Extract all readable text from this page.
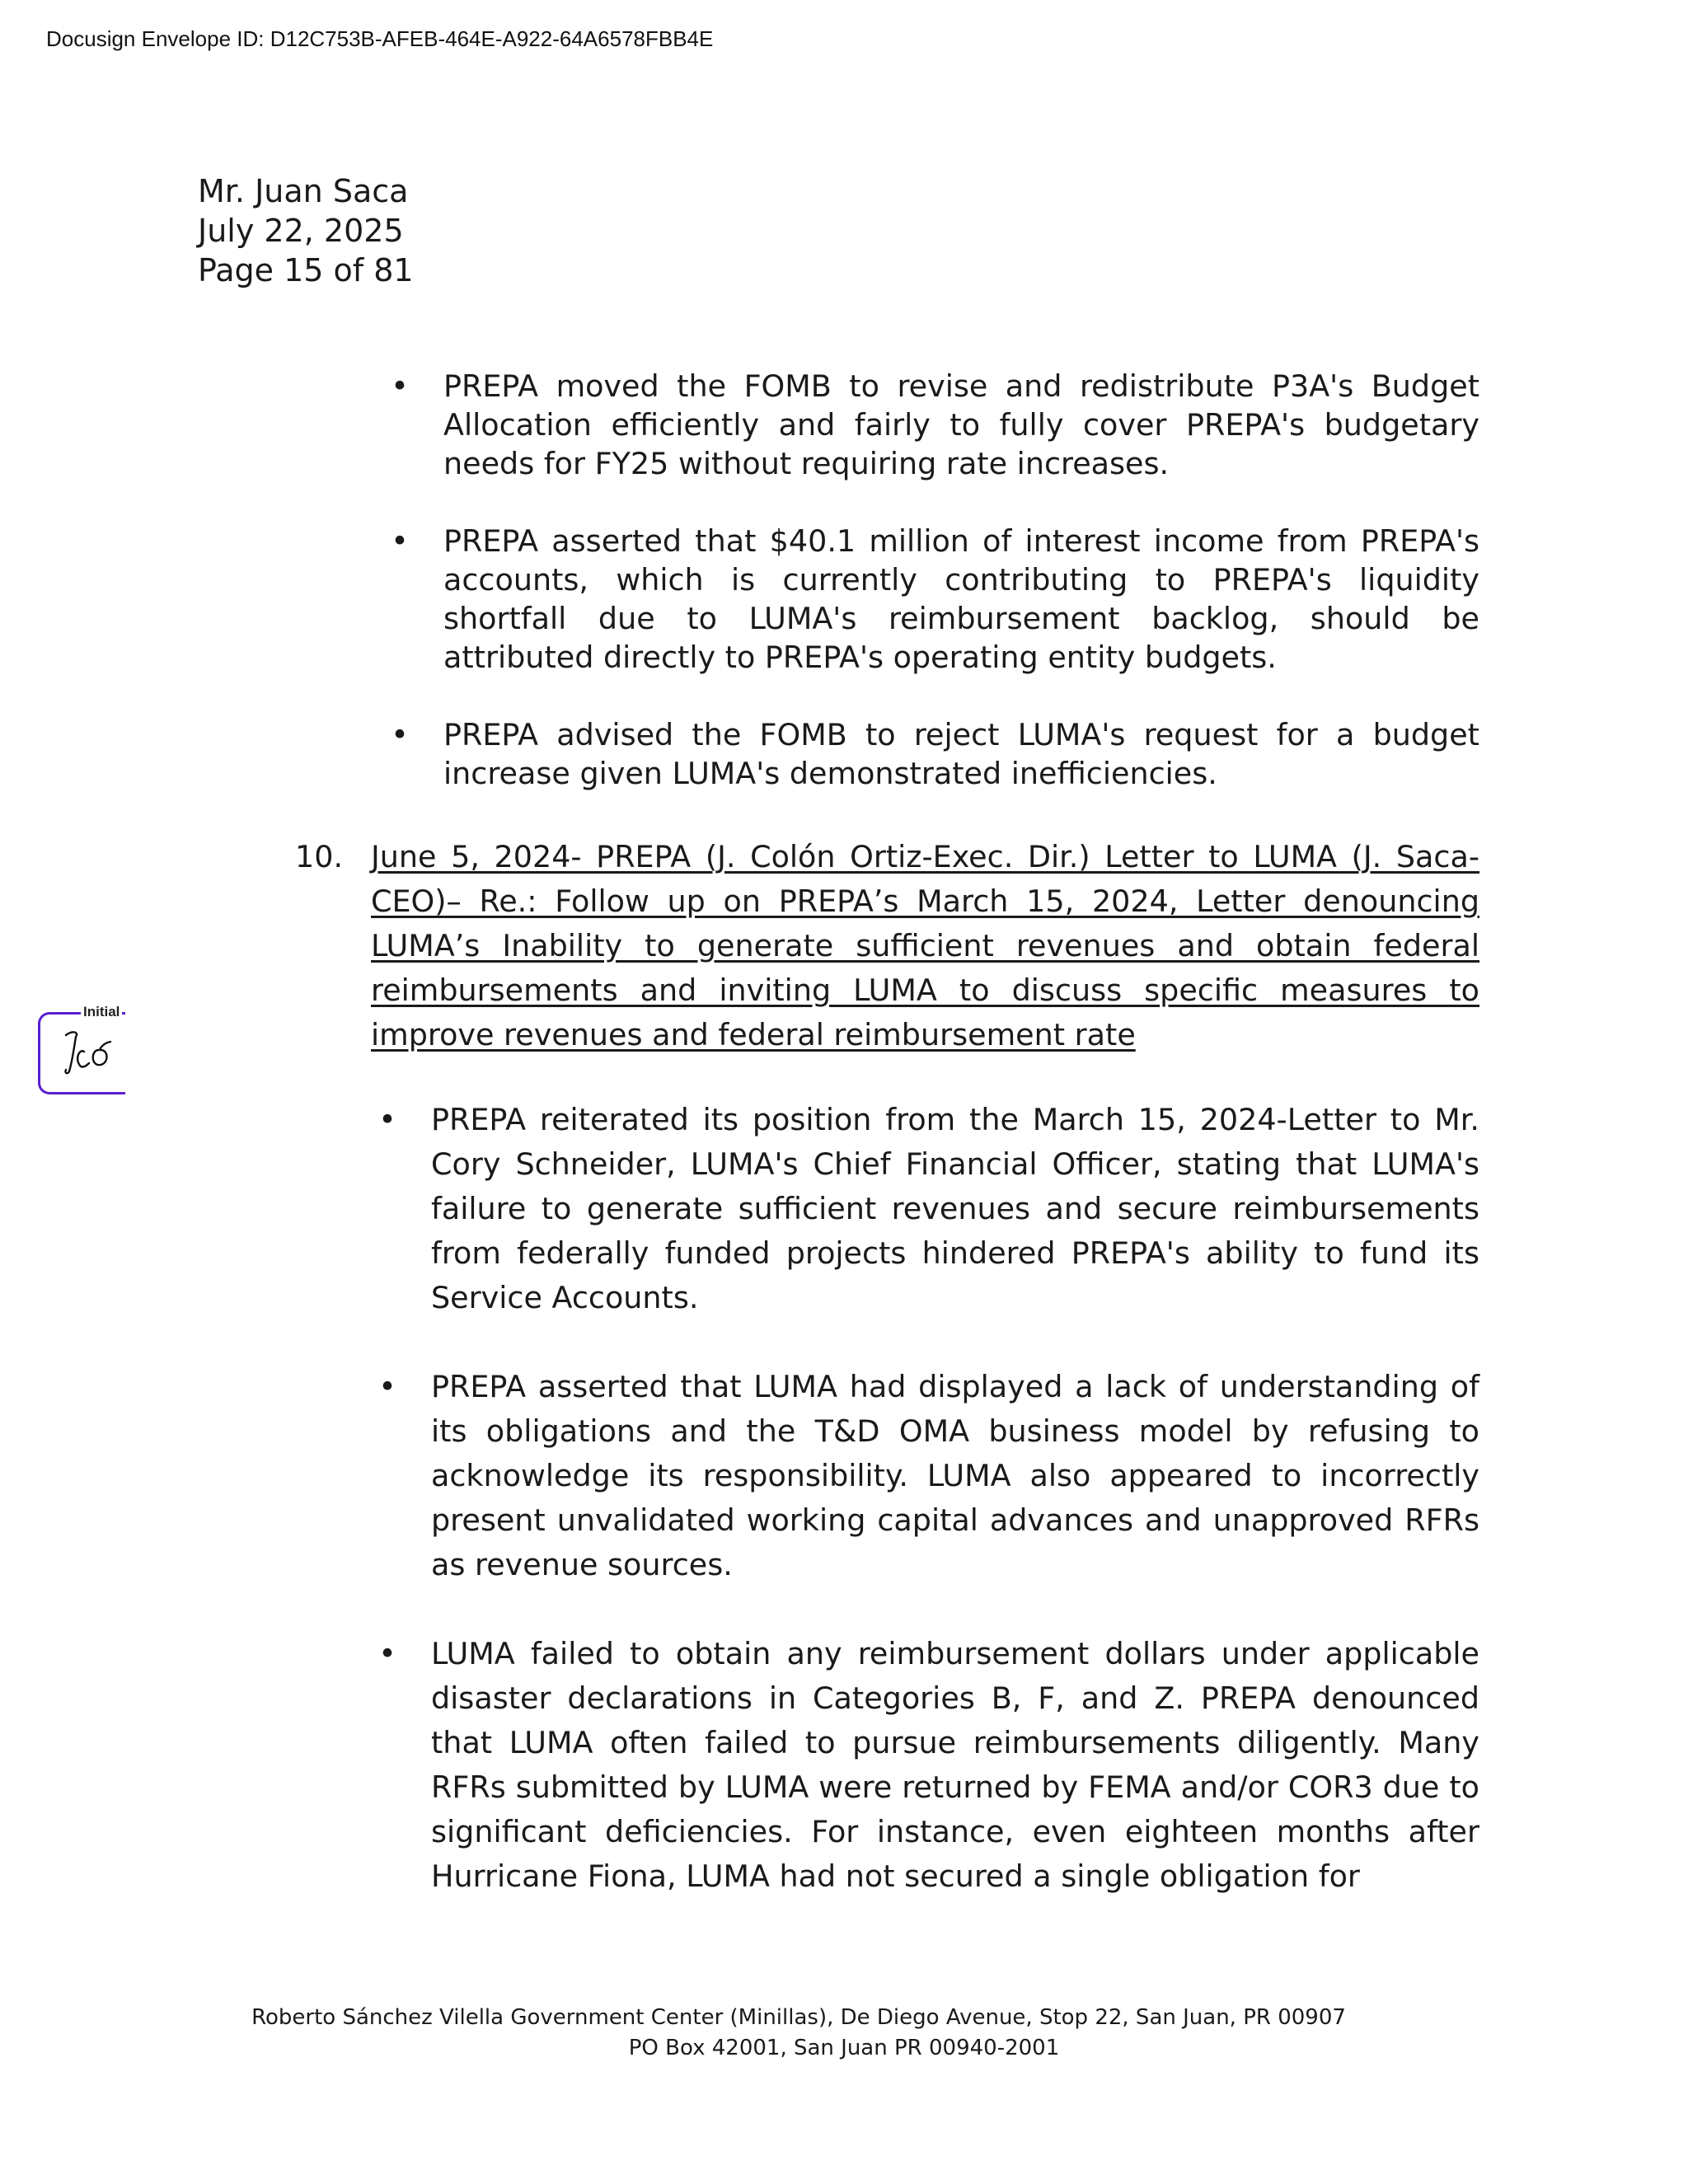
Docusign Envelope ID: D12C753B-AFEB-464E-A922-64A6578FBB4E
Mr. Juan Saca
July 22, 2025
Page 15 of 81
• PREPA moved the FOMB to revise and redistribute P3A's Budget Allocation efficiently and fairly to fully cover PREPA's budgetary needs for FY25 without requiring rate increases.
• PREPA asserted that $40.1 million of interest income from PREPA's accounts, which is currently contributing to PREPA's liquidity shortfall due to LUMA's reimbursement backlog, should be attributed directly to PREPA's operating entity budgets.
• PREPA advised the FOMB to reject LUMA's request for a budget increase given LUMA's demonstrated inefficiencies.
10. June 5, 2024- PREPA (J. Colón Ortiz-Exec. Dir.) Letter to LUMA (J. Saca-CEO)– Re.: Follow up on PREPA’s March 15, 2024, Letter denouncing LUMA’s Inability to generate sufficient revenues and obtain federal reimbursements and inviting LUMA to discuss specific measures to improve revenues and federal reimbursement rate
Initial
• PREPA reiterated its position from the March 15, 2024-Letter to Mr. Cory Schneider, LUMA's Chief Financial Officer, stating that LUMA's failure to generate sufficient revenues and secure reimbursements from federally funded projects hindered PREPA's ability to fund its Service Accounts.
• PREPA asserted that LUMA had displayed a lack of understanding of its obligations and the T&D OMA business model by refusing to acknowledge its responsibility. LUMA also appeared to incorrectly present unvalidated working capital advances and unapproved RFRs as revenue sources.
• LUMA failed to obtain any reimbursement dollars under applicable disaster declarations in Categories B, F, and Z. PREPA denounced that LUMA often failed to pursue reimbursements diligently. Many RFRs submitted by LUMA were returned by FEMA and/or COR3 due to significant deficiencies. For instance, even eighteen months after Hurricane Fiona, LUMA had not secured a single obligation for
Roberto Sánchez Vilella Government Center (Minillas), De Diego Avenue, Stop 22, San Juan, PR 00907
PO Box 42001, San Juan PR 00940-2001
